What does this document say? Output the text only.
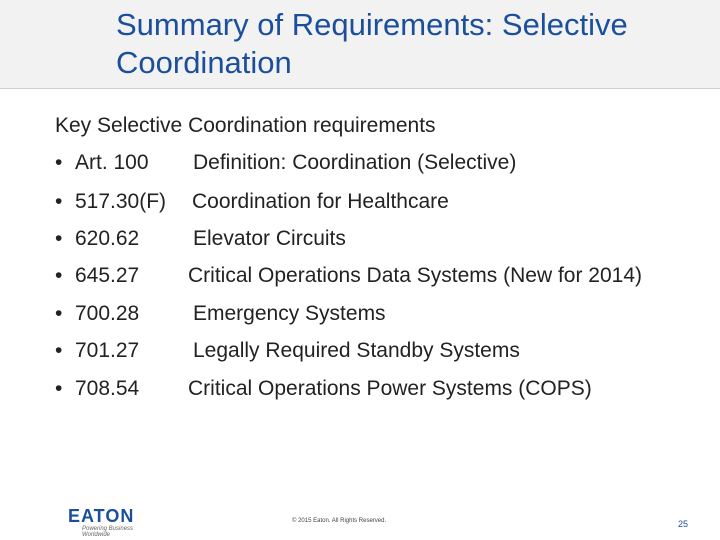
Summary of Requirements: Selective Coordination
Key Selective Coordination requirements
• Art. 100 Definition: Coordination (Selective)
• 517.30(F) Coordination for Healthcare
• 620.62	Elevator Circuits
• 645.27 Critical Operations Data Systems (New for 2014)
• 700.28	Emergency Systems
• 701.27	Legally Required Standby Systems
• 708.54 Critical Operations Power Systems (COPS)
EATON
Powering Business Worldwide
© 2015 Eaton. All Rights Reserved.	25
